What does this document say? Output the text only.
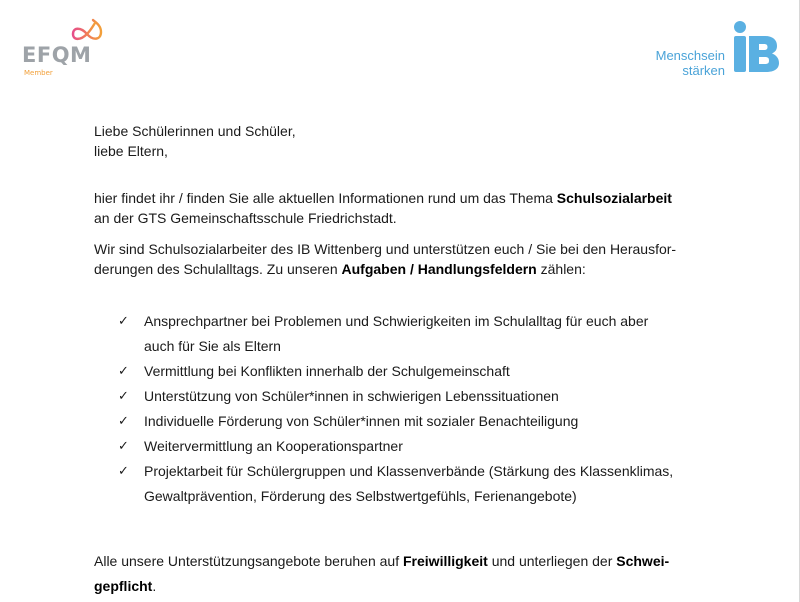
EFQM
Member
Menschsein
stärken

Liebe Schülerinnen und Schüler,
liebe Eltern,

hier findet ihr / finden Sie alle aktuellen Informationen rund um das Thema Schulsozialarbeit
an der GTS Gemeinschaftsschule Friedrichstadt.

Wir sind Schulsozialarbeiter des IB Wittenberg und unterstützen euch / Sie bei den Herausfor-
derungen des Schulalltags. Zu unseren Aufgaben / Handlungsfeldern zählen:

✓	Ansprechpartner bei Problemen und Schwierigkeiten im Schulalltag für euch aber
auch für Sie als Eltern
✓	Vermittlung bei Konflikten innerhalb der Schulgemeinschaft
✓	Unterstützung von Schüler*innen in schwierigen Lebenssituationen
✓	Individuelle Förderung von Schüler*innen mit sozialer Benachteiligung
✓	Weitervermittlung an Kooperationspartner
✓	Projektarbeit für Schülergruppen und Klassenverbände (Stärkung des Klassenklimas,
Gewaltprävention, Förderung des Selbstwertgefühls, Ferienangebote)

Alle unsere Unterstützungsangebote beruhen auf Freiwilligkeit und unterliegen der Schwei-
gepflicht.
